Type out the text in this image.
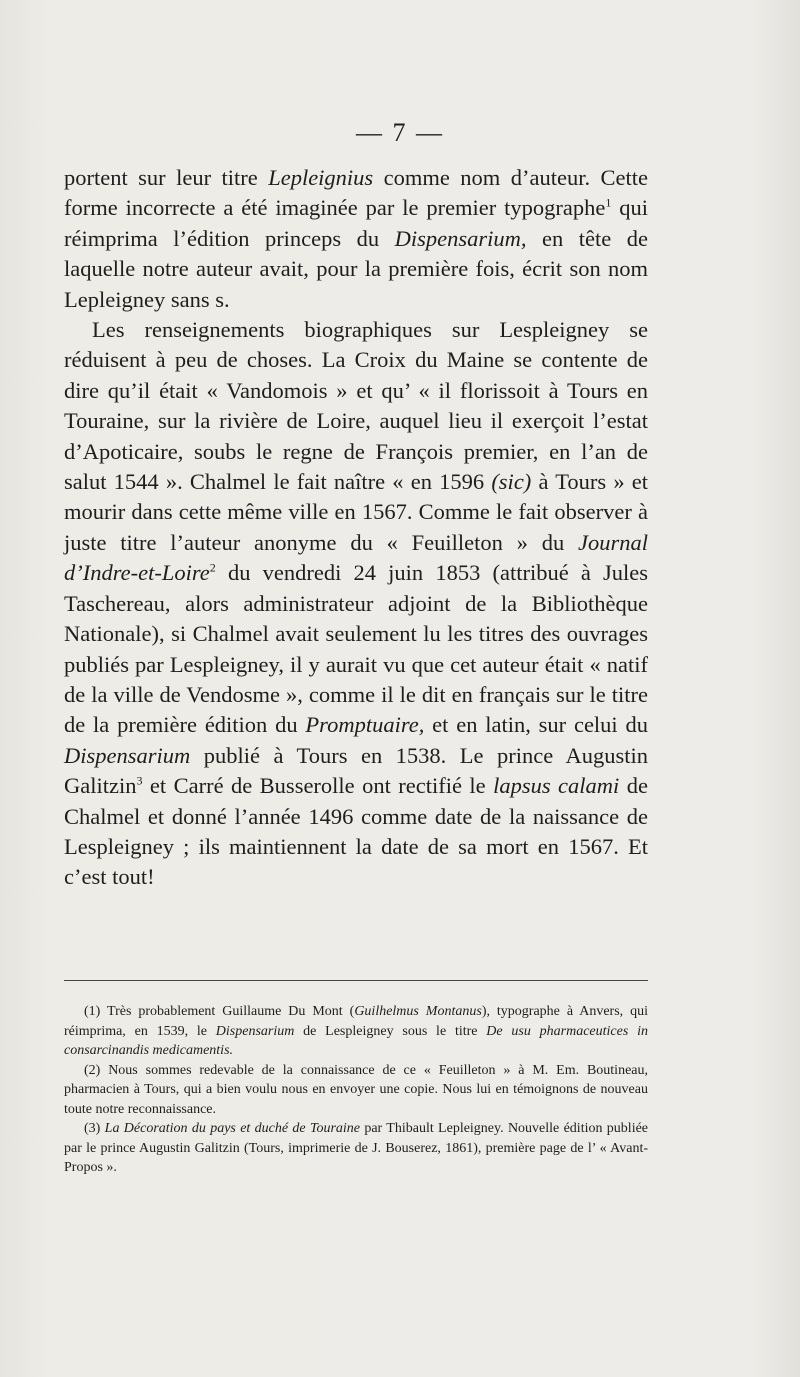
— 7 —

portent sur leur titre Lepleignius comme nom d’auteur. Cette forme incorrecte a été imaginée par le premier typographe$^1$ qui réimprima l’édition princeps du Dispensarium, en tête de laquelle notre auteur avait, pour la première fois, écrit son nom Lepleigney sans s.

Les renseignements biographiques sur Lespleigney se réduisent à peu de choses. La Croix du Maine se contente de dire qu’il était « Vandomois » et qu’ « il florissoit à Tours en Touraine, sur la rivière de Loire, auquel lieu il exerçoit l’estat d’Apoticaire, soubs le regne de François premier, en l’an de salut 1544 ». Chalmel le fait naître « en 1596 (sic) à Tours » et mourir dans cette même ville en 1567. Comme le fait observer à juste titre l’auteur anonyme du « Feuilleton » du Journal d’Indre-et-Loire$^2$ du vendredi 24 juin 1853 (attribué à Jules Taschereau, alors administrateur adjoint de la Bibliothèque Nationale), si Chalmel avait seulement lu les titres des ouvrages publiés par Lespleigney, il y aurait vu que cet auteur était « natif de la ville de Vendosme », comme il le dit en français sur le titre de la première édition du Promptuaire, et en latin, sur celui du Dispensarium publié à Tours en 1538. Le prince Augustin Galitzin$^3$ et Carré de Busserolle ont rectifié le lapsus calami de Chalmel et donné l’année 1496 comme date de la naissance de Lespleigney ; ils maintiennent la date de sa mort en 1567. Et c’est tout!

(1) Très probablement Guillaume Du Mont (Guilhelmus Montanus), typographe à Anvers, qui réimprima, en 1539, le Dispensarium de Lespleigney sous le titre De usu pharmaceutices in consarcinandis medicamentis.

(2) Nous sommes redevable de la connaissance de ce « Feuilleton » à M. Em. Boutineau, pharmacien à Tours, qui a bien voulu nous en envoyer une copie. Nous lui en témoignons de nouveau toute notre reconnaissance.

(3) La Décoration du pays et duché de Touraine par Thibault Lepleigney. Nouvelle édition publiée par le prince Augustin Galitzin (Tours, imprimerie de J. Bouserez, 1861), première page de l’ « Avant-Propos ».
